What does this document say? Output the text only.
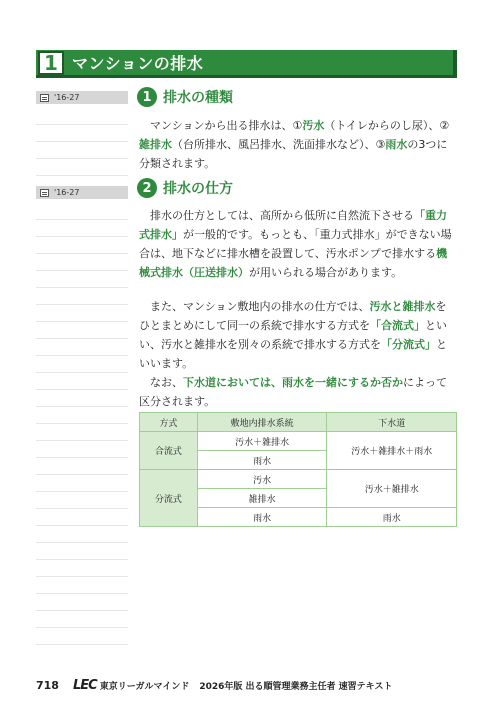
1 マンションの排水
'16-27
'16-27
1 排水の種類
マンションから出る排水は、①汚水（トイレからのし尿）、②雑排水（台所排水、風呂排水、洗面排水など）、③雨水の3つに分類されます。
2 排水の仕方
排水の仕方としては、高所から低所に自然流下させる「重力式排水」が一般的です。もっとも、「重力式排水」ができない場合は、地下などに排水槽を設置して、汚水ポンプで排水する機械式排水（圧送排水）が用いられる場合があります。
また、マンション敷地内の排水の仕方では、汚水と雑排水をひとまとめにして同一の系統で排水する方式を「合流式」といい、汚水と雑排水を別々の系統で排水する方式を「分流式」といいます。
なお、下水道においては、雨水を一緒にするか否かによって区分されます。
方式	敷地内排水系統	下水道
合流式	汚水＋雑排水	汚水＋雑排水＋雨水
	雨水	
分流式	汚水	汚水＋雑排水
	雑排水	
	雨水	雨水
718 LEC 東京リーガルマインド 2026年版 出る順管理業務主任者 速習テキスト
